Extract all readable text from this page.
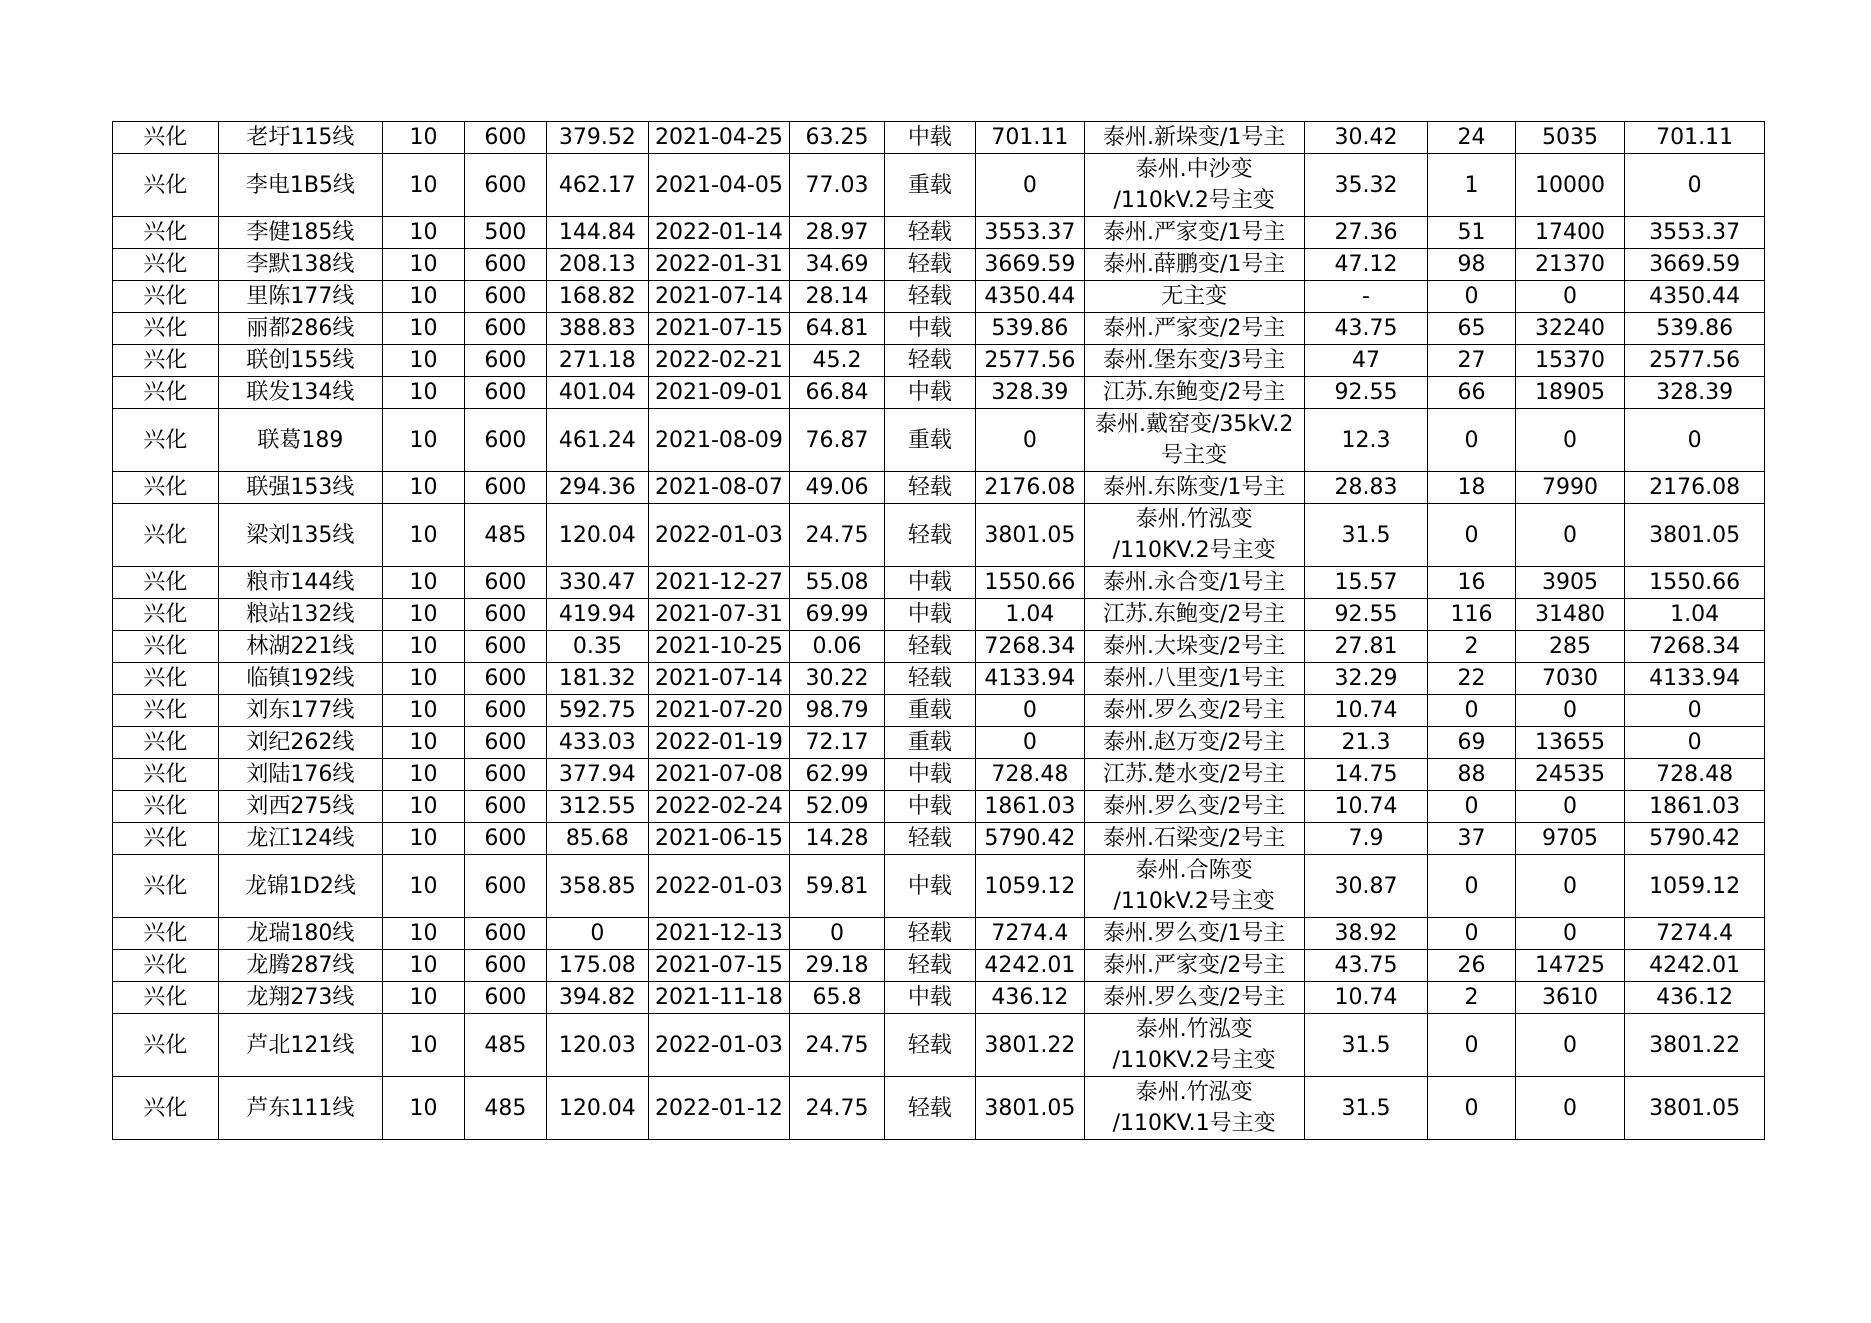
兴化	老圩115线	10	600	379.52	2021-04-25	63.25	中载	701.11	泰州.新垛变/1号主	30.42	24	5035	701.11
兴化	李电1B5线	10	600	462.17	2021-04-05	77.03	重载	0	泰州.中沙变
/110kV.2号主变	35.32	1	10000	0
兴化	李健185线	10	500	144.84	2022-01-14	28.97	轻载	3553.37	泰州.严家变/1号主	27.36	51	17400	3553.37
兴化	李默138线	10	600	208.13	2022-01-31	34.69	轻载	3669.59	泰州.薛鹏变/1号主	47.12	98	21370	3669.59
兴化	里陈177线	10	600	168.82	2021-07-14	28.14	轻载	4350.44	无主变	-	0	0	4350.44
兴化	丽都286线	10	600	388.83	2021-07-15	64.81	中载	539.86	泰州.严家变/2号主	43.75	65	32240	539.86
兴化	联创155线	10	600	271.18	2022-02-21	45.2	轻载	2577.56	泰州.堡东变/3号主	47	27	15370	2577.56
兴化	联发134线	10	600	401.04	2021-09-01	66.84	中载	328.39	江苏.东鲍变/2号主	92.55	66	18905	328.39
兴化	联葛189	10	600	461.24	2021-08-09	76.87	重载	0	泰州.戴窑变/35kV.2
号主变	12.3	0	0	0
兴化	联强153线	10	600	294.36	2021-08-07	49.06	轻载	2176.08	泰州.东陈变/1号主	28.83	18	7990	2176.08
兴化	梁刘135线	10	485	120.04	2022-01-03	24.75	轻载	3801.05	泰州.竹泓变
/110KV.2号主变	31.5	0	0	3801.05
兴化	粮市144线	10	600	330.47	2021-12-27	55.08	中载	1550.66	泰州.永合变/1号主	15.57	16	3905	1550.66
兴化	粮站132线	10	600	419.94	2021-07-31	69.99	中载	1.04	江苏.东鲍变/2号主	92.55	116	31480	1.04
兴化	林湖221线	10	600	0.35	2021-10-25	0.06	轻载	7268.34	泰州.大垛变/2号主	27.81	2	285	7268.34
兴化	临镇192线	10	600	181.32	2021-07-14	30.22	轻载	4133.94	泰州.八里变/1号主	32.29	22	7030	4133.94
兴化	刘东177线	10	600	592.75	2021-07-20	98.79	重载	0	泰州.罗么变/2号主	10.74	0	0	0
兴化	刘纪262线	10	600	433.03	2022-01-19	72.17	重载	0	泰州.赵万变/2号主	21.3	69	13655	0
兴化	刘陆176线	10	600	377.94	2021-07-08	62.99	中载	728.48	江苏.楚水变/2号主	14.75	88	24535	728.48
兴化	刘西275线	10	600	312.55	2022-02-24	52.09	中载	1861.03	泰州.罗么变/2号主	10.74	0	0	1861.03
兴化	龙江124线	10	600	85.68	2021-06-15	14.28	轻载	5790.42	泰州.石梁变/2号主	7.9	37	9705	5790.42
兴化	龙锦1D2线	10	600	358.85	2022-01-03	59.81	中载	1059.12	泰州.合陈变
/110kV.2号主变	30.87	0	0	1059.12
兴化	龙瑞180线	10	600	0	2021-12-13	0	轻载	7274.4	泰州.罗么变/1号主	38.92	0	0	7274.4
兴化	龙腾287线	10	600	175.08	2021-07-15	29.18	轻载	4242.01	泰州.严家变/2号主	43.75	26	14725	4242.01
兴化	龙翔273线	10	600	394.82	2021-11-18	65.8	中载	436.12	泰州.罗么变/2号主	10.74	2	3610	436.12
兴化	芦北121线	10	485	120.03	2022-01-03	24.75	轻载	3801.22	泰州.竹泓变
/110KV.2号主变	31.5	0	0	3801.22
兴化	芦东111线	10	485	120.04	2022-01-12	24.75	轻载	3801.05	泰州.竹泓变
/110KV.1号主变	31.5	0	0	3801.05
